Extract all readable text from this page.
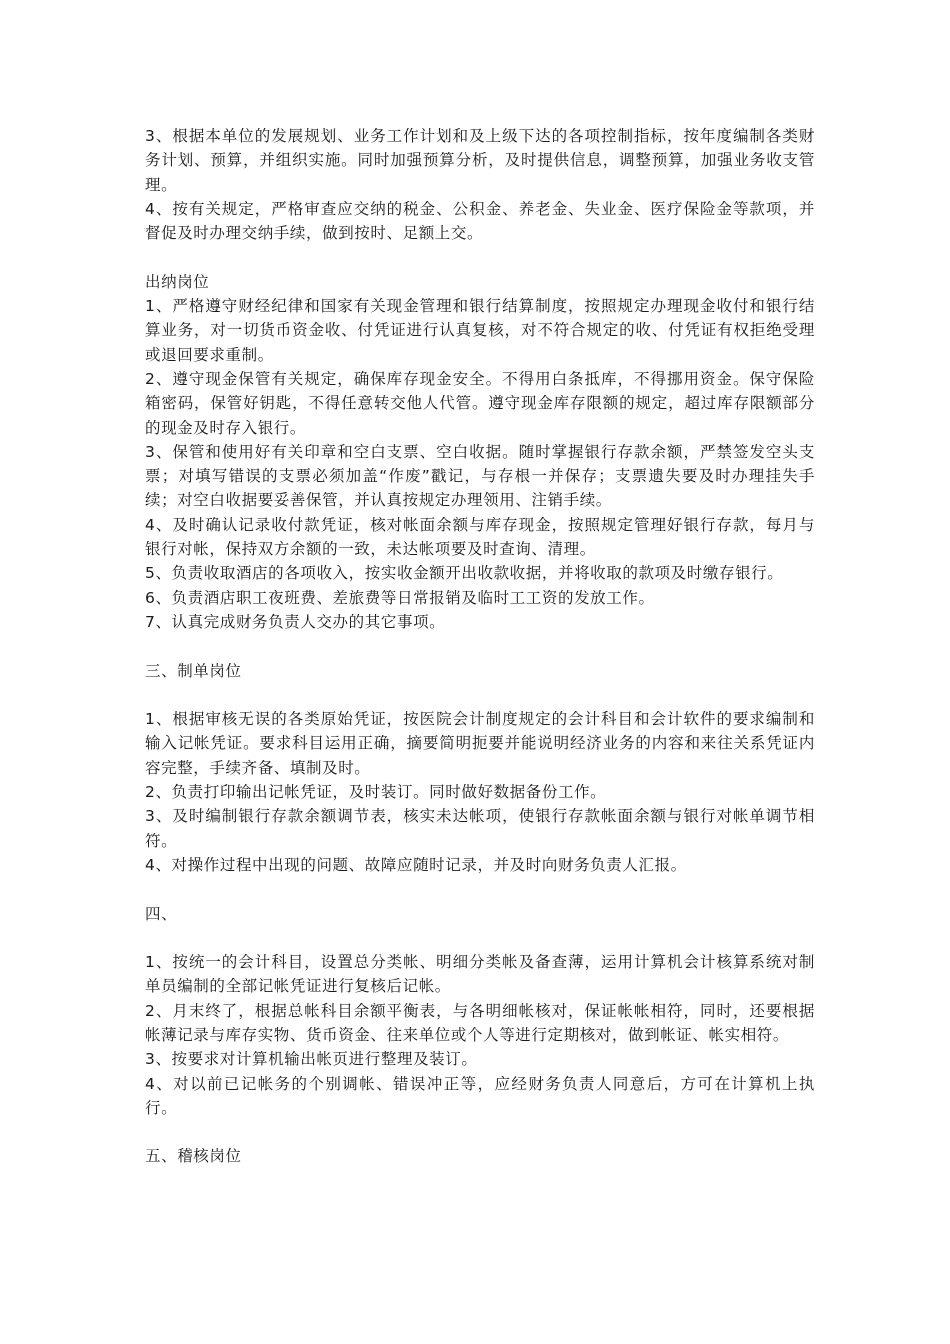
3、根据本单位的发展规划、业务工作计划和及上级下达的各项控制指标，按年度编制各类财务计划、预算，并组织实施。同时加强预算分析，及时提供信息，调整预算，加强业务收支管理。

4、按有关规定，严格审查应交纳的税金、公积金、养老金、失业金、医疗保险金等款项，并督促及时办理交纳手续，做到按时、足额上交。

出纳岗位

1、严格遵守财经纪律和国家有关现金管理和银行结算制度，按照规定办理现金收付和银行结算业务，对一切货币资金收、付凭证进行认真复核，对不符合规定的收、付凭证有权拒绝受理或退回要求重制。

2、遵守现金保管有关规定，确保库存现金安全。不得用白条抵库，不得挪用资金。保守保险箱密码，保管好钥匙，不得任意转交他人代管。遵守现金库存限额的规定，超过库存限额部分的现金及时存入银行。

3、保管和使用好有关印章和空白支票、空白收据。随时掌握银行存款余额，严禁签发空头支票；对填写错误的支票必须加盖“作废”戳记，与存根一并保存；支票遗失要及时办理挂失手续；对空白收据要妥善保管，并认真按规定办理领用、注销手续。

4、及时确认记录收付款凭证，核对帐面余额与库存现金，按照规定管理好银行存款，每月与银行对帐，保持双方余额的一致，未达帐项要及时查询、清理。

5、负责收取酒店的各项收入，按实收金额开出收款收据，并将收取的款项及时缴存银行。

6、负责酒店职工夜班费、差旅费等日常报销及临时工工资的发放工作。

7、认真完成财务负责人交办的其它事项。

三、制单岗位

1、根据审核无误的各类原始凭证，按医院会计制度规定的会计科目和会计软件的要求编制和输入记帐凭证。要求科目运用正确，摘要简明扼要并能说明经济业务的内容和来往关系凭证内容完整，手续齐备、填制及时。

2、负责打印输出记帐凭证，及时装订。同时做好数据备份工作。

3、及时编制银行存款余额调节表，核实未达帐项，使银行存款帐面余额与银行对帐单调节相符。

4、对操作过程中出现的问题、故障应随时记录，并及时向财务负责人汇报。

四、

1、按统一的会计科目，设置总分类帐、明细分类帐及备查薄，运用计算机会计核算系统对制单员编制的全部记帐凭证进行复核后记帐。

2、月末终了，根据总帐科目余额平衡表，与各明细帐核对，保证帐帐相符，同时，还要根据帐薄记录与库存实物、货币资金、往来单位或个人等进行定期核对，做到帐证、帐实相符。

3、按要求对计算机输出帐页进行整理及装订。

4、对以前已记帐务的个别调帐、错误冲正等，应经财务负责人同意后，方可在计算机上执行。

五、稽核岗位
